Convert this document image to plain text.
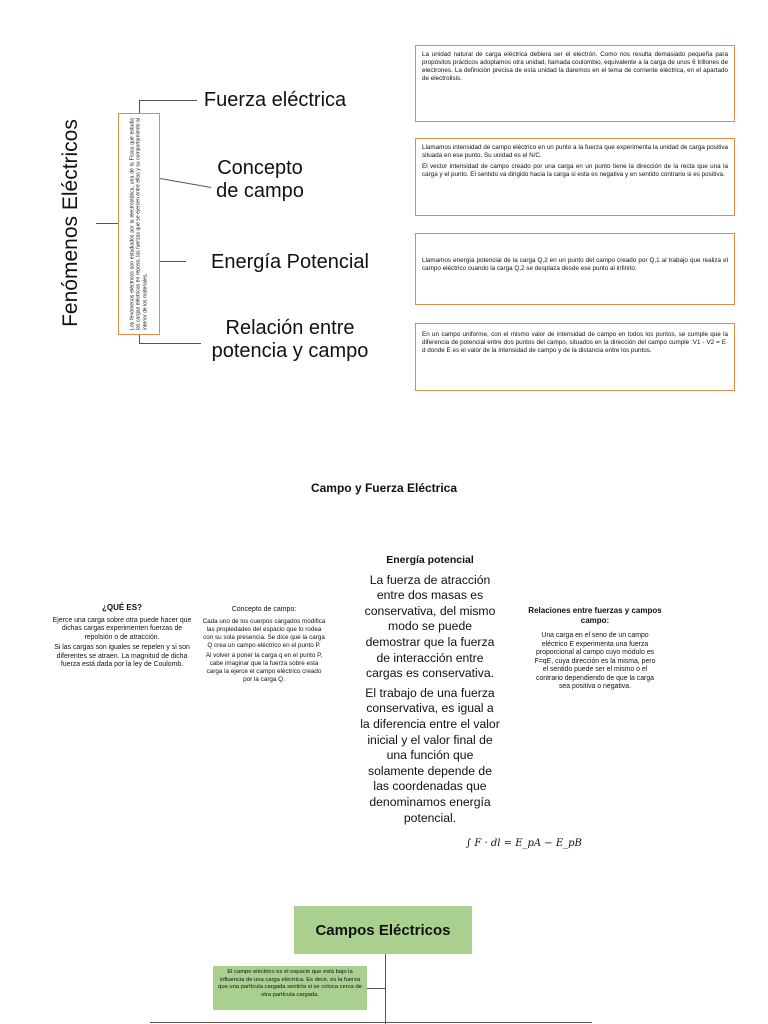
Fenómenos Eléctricos	Los fenómenos eléctricos son estudiados por la electrostática, una de la Física que estudia las cargas eléctricas en reposo, las fuerzas que se ejercen entre ellas y su comportamiento al interior de los materiales.
Fuerza eléctrica
Concepto de campo
Energía Potencial
Relación entre potencia y campo

La unidad natural de carga eléctrica debiera ser el electrón. Como nos resulta demasiado pequeña para propósitos prácticos adoptamos otra unidad, llamada coulombio, equivalente a la carga de unos 6 trillones de electrones. La definición precisa de esta unidad la daremos en el tema de corriente eléctrica, en el apartado de electrolisis.

Llamamos intensidad de campo eléctrico en un punto a la fuerza que experimenta la unidad de carga positiva situada en ese punto. Su unidad es el N/C.

El vector intensidad de campo creado por una carga en un punto tiene la dirección de la recta que una la carga y el punto. El sentido va dirigido hacia la carga si esta es negativa y en sentido contrario si es positiva.

Llamamos energía potencial de la carga Q,2 en un punto del campo creado por Q,1 al trabajo que realiza el campo eléctrico cuando la carga Q,2 se desplaza desde ese punto al infinito.

En un campo uniforme, con el mismo valor de intensidad de campo en todos los puntos, se cumple que la diferencia de potencial entre dos puntos del campo, situados en la dirección del campo cumple :V1 - V2 = E· d donde E es el valor de la intensidad de campo y de la distancia entre los puntos.

Campo y Fuerza Eléctrica

¿QUÉ ES?

Ejerce una carga sobre otra puede hacer que dichas cargas experimenten fuerzas de repolsión o de atracción.

Si las cargas son iguales se repelen y si son diferentes se atraen. La magnitud de dicha fuerza está dada por la ley de Coulomb.

Concepto de campo:

Cada uno de los cuerpos cargados modifica las propiedades del espacio que lo rodea con su sola presencia. Se dice que la carga Q crea un campo eléctrico en el punto P.

Al volver a poner la carga q en el punto P, cabe imaginar que la fuerza sobre esta carga la ejerce el campo eléctrico creado por la carga Q.

Energía potencial

La fuerza de atracción entre dos masas es conservativa, del mismo modo se puede demostrar que la fuerza de interacción entre cargas es conservativa.

El trabajo de una fuerza conservativa, es igual a la diferencia entre el valor inicial y el valor final de una función que solamente depende de las coordenadas que denominamos energía potencial.

∫ F · dl = E_pA − E_pB

Relaciones entre fuerzas y campos campo:

Una carga en el seno de un campo eléctrico E experimenta una fuerza proporcional al campo cuyo módulo es F=qE, cuya dirección es la misma, pero el sentido puede ser el mismo o el contrario dependiendo de que la carga sea positiva o negativa.

Campos Eléctricos
El campo eléctrico es el espacio que está bajo la influencia de una carga eléctrica. Es decir, es la fuerza que una partícula cargada sentiría si se coloca cerca de otra partícula cargada.
